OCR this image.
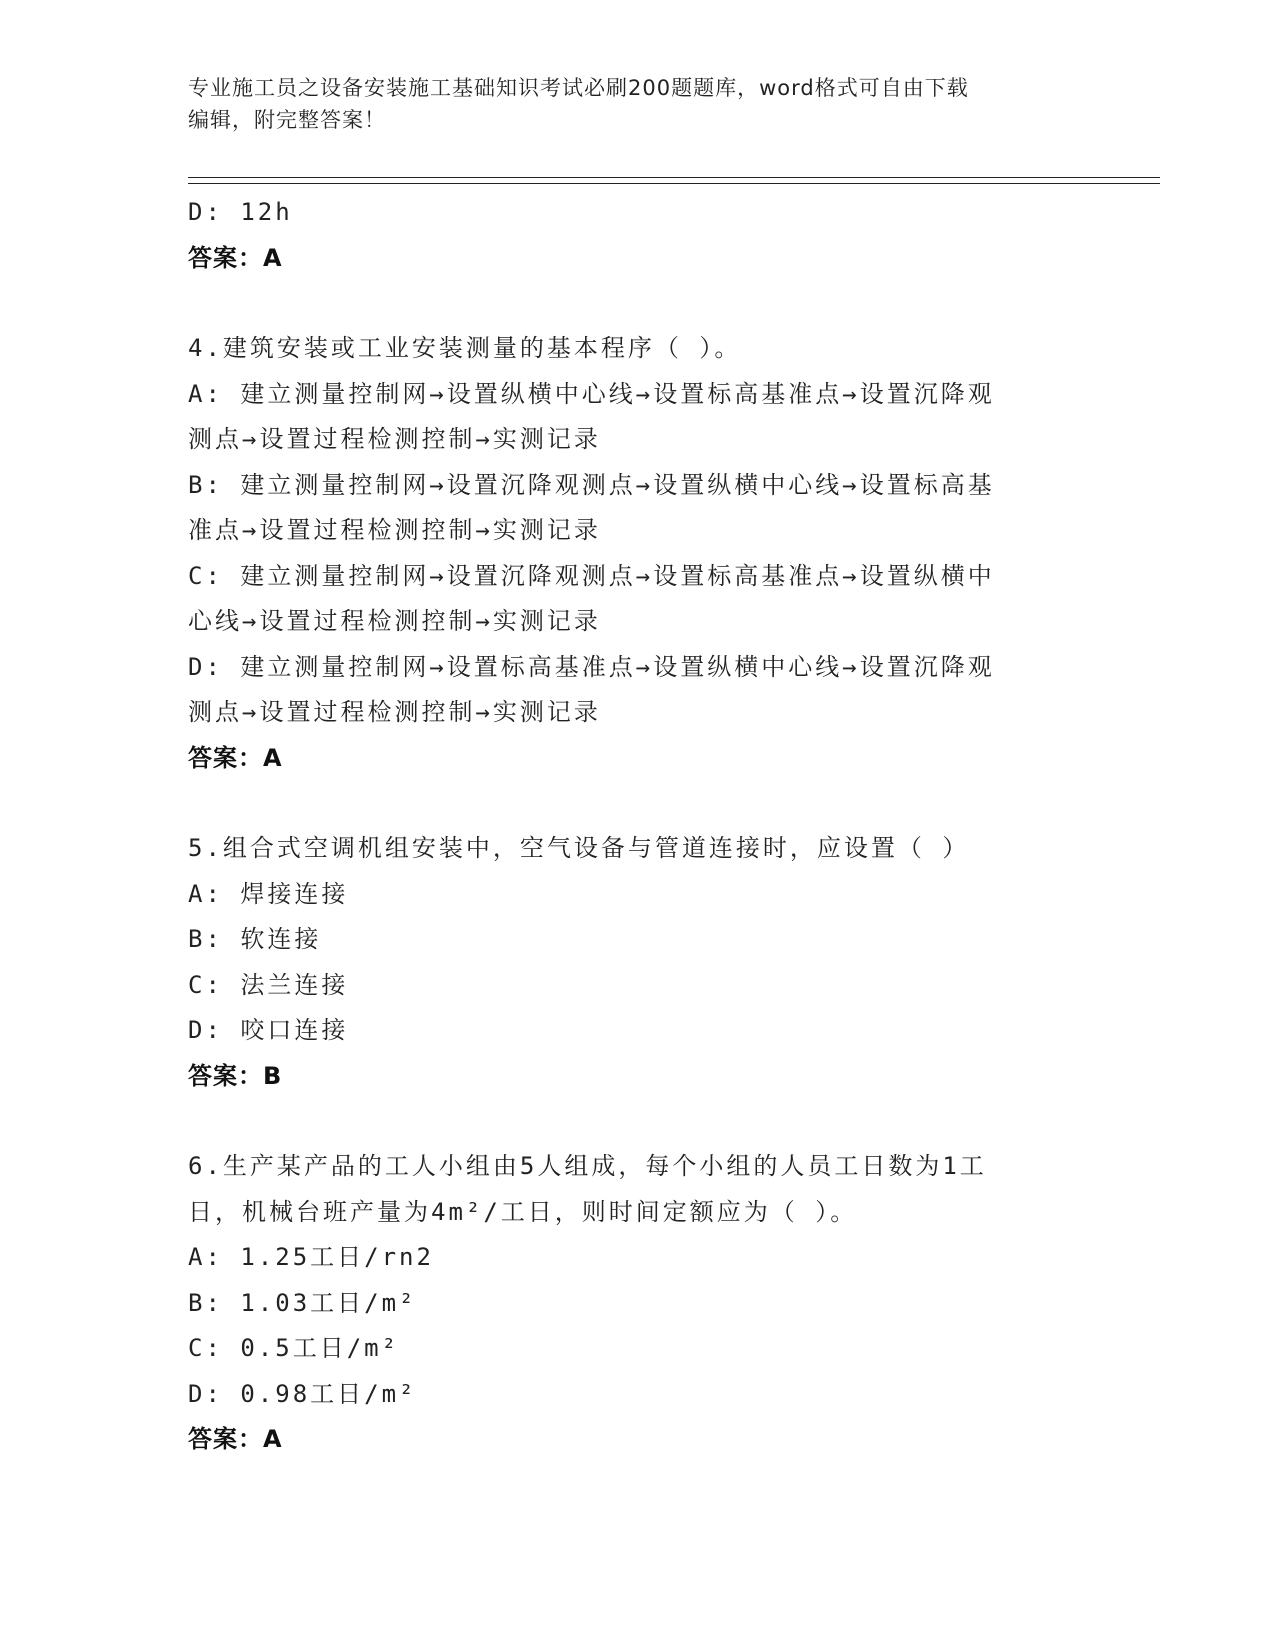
专业施工员之设备安装施工基础知识考试必刷200题题库，word格式可自由下载
编辑，附完整答案！
D: 12h
答案：A
4.建筑安装或工业安装测量的基本程序（ ）。
A: 建立测量控制网→设置纵横中心线→设置标高基准点→设置沉降观
测点→设置过程检测控制→实测记录
B: 建立测量控制网→设置沉降观测点→设置纵横中心线→设置标高基
准点→设置过程检测控制→实测记录
C: 建立测量控制网→设置沉降观测点→设置标高基准点→设置纵横中
心线→设置过程检测控制→实测记录
D: 建立测量控制网→设置标高基准点→设置纵横中心线→设置沉降观
测点→设置过程检测控制→实测记录
答案：A
5.组合式空调机组安装中，空气设备与管道连接时，应设置（ ）
A: 焊接连接
B: 软连接
C: 法兰连接
D: 咬口连接
答案：B
6.生产某产品的工人小组由5人组成，每个小组的人员工日数为1工
日，机械台班产量为4m²/工日，则时间定额应为（ ）。
A: 1.25工日/rn2
B: 1.03工日/m²
C: 0.5工日/m²
D: 0.98工日/m²
答案：A
